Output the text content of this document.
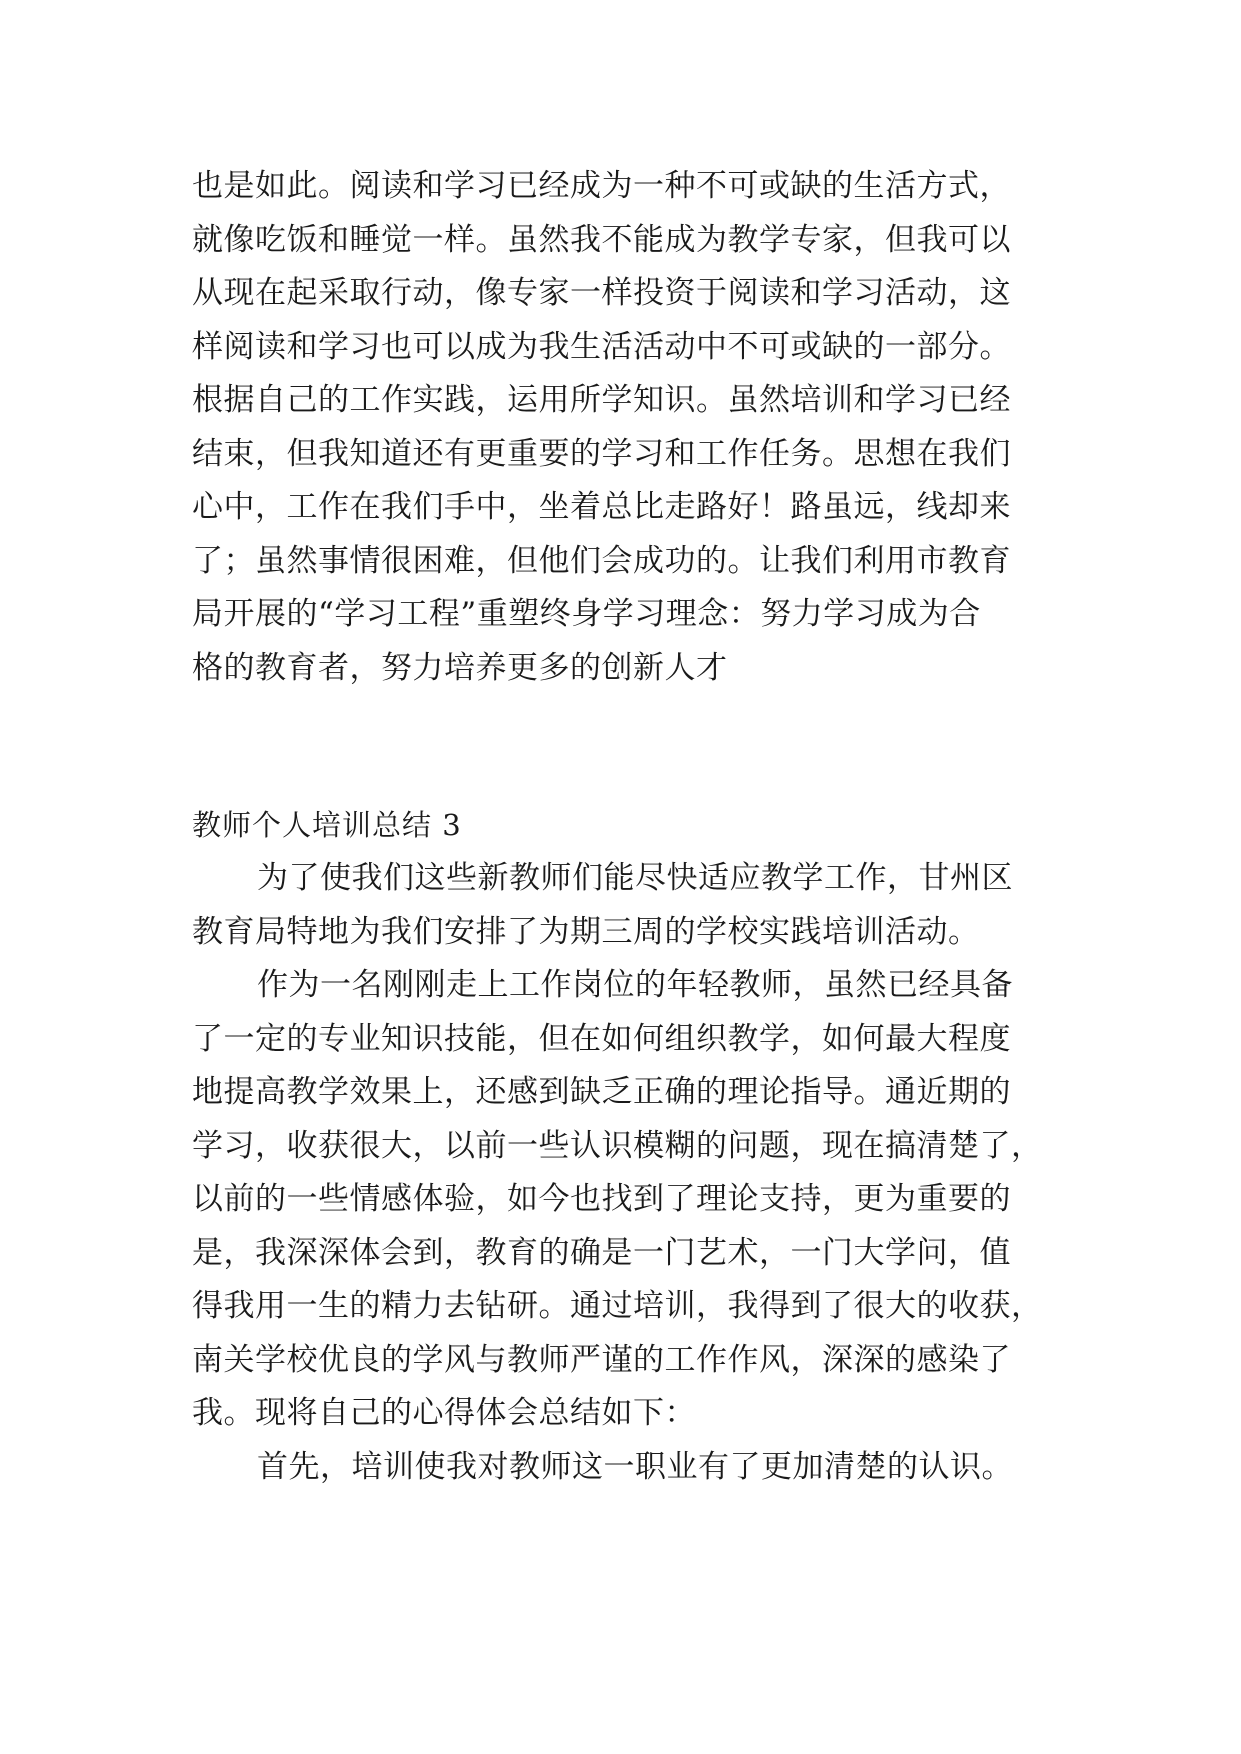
也是如此。阅读和学习已经成为一种不可或缺的生活方式，
就像吃饭和睡觉一样。虽然我不能成为教学专家，但我可以
从现在起采取行动，像专家一样投资于阅读和学习活动，这
样阅读和学习也可以成为我生活活动中不可或缺的一部分。
根据自己的工作实践，运用所学知识。虽然培训和学习已经
结束，但我知道还有更重要的学习和工作任务。思想在我们
心中，工作在我们手中，坐着总比走路好！路虽远，线却来
了；虽然事情很困难，但他们会成功的。让我们利用市教育
局开展的“学习工程”重塑终身学习理念：努力学习成为合
格的教育者，努力培养更多的创新人才
教师个人培训总结 3
为了使我们这些新教师们能尽快适应教学工作，甘州区
教育局特地为我们安排了为期三周的学校实践培训活动。
作为一名刚刚走上工作岗位的年轻教师，虽然已经具备
了一定的专业知识技能，但在如何组织教学，如何最大程度
地提高教学效果上，还感到缺乏正确的理论指导。通近期的
学习，收获很大，以前一些认识模糊的问题，现在搞清楚了，
以前的一些情感体验，如今也找到了理论支持，更为重要的
是，我深深体会到，教育的确是一门艺术，一门大学问，值
得我用一生的精力去钻研。通过培训，我得到了很大的收获，
南关学校优良的学风与教师严谨的工作作风，深深的感染了
我。现将自己的心得体会总结如下：
首先，培训使我对教师这一职业有了更加清楚的认识。
